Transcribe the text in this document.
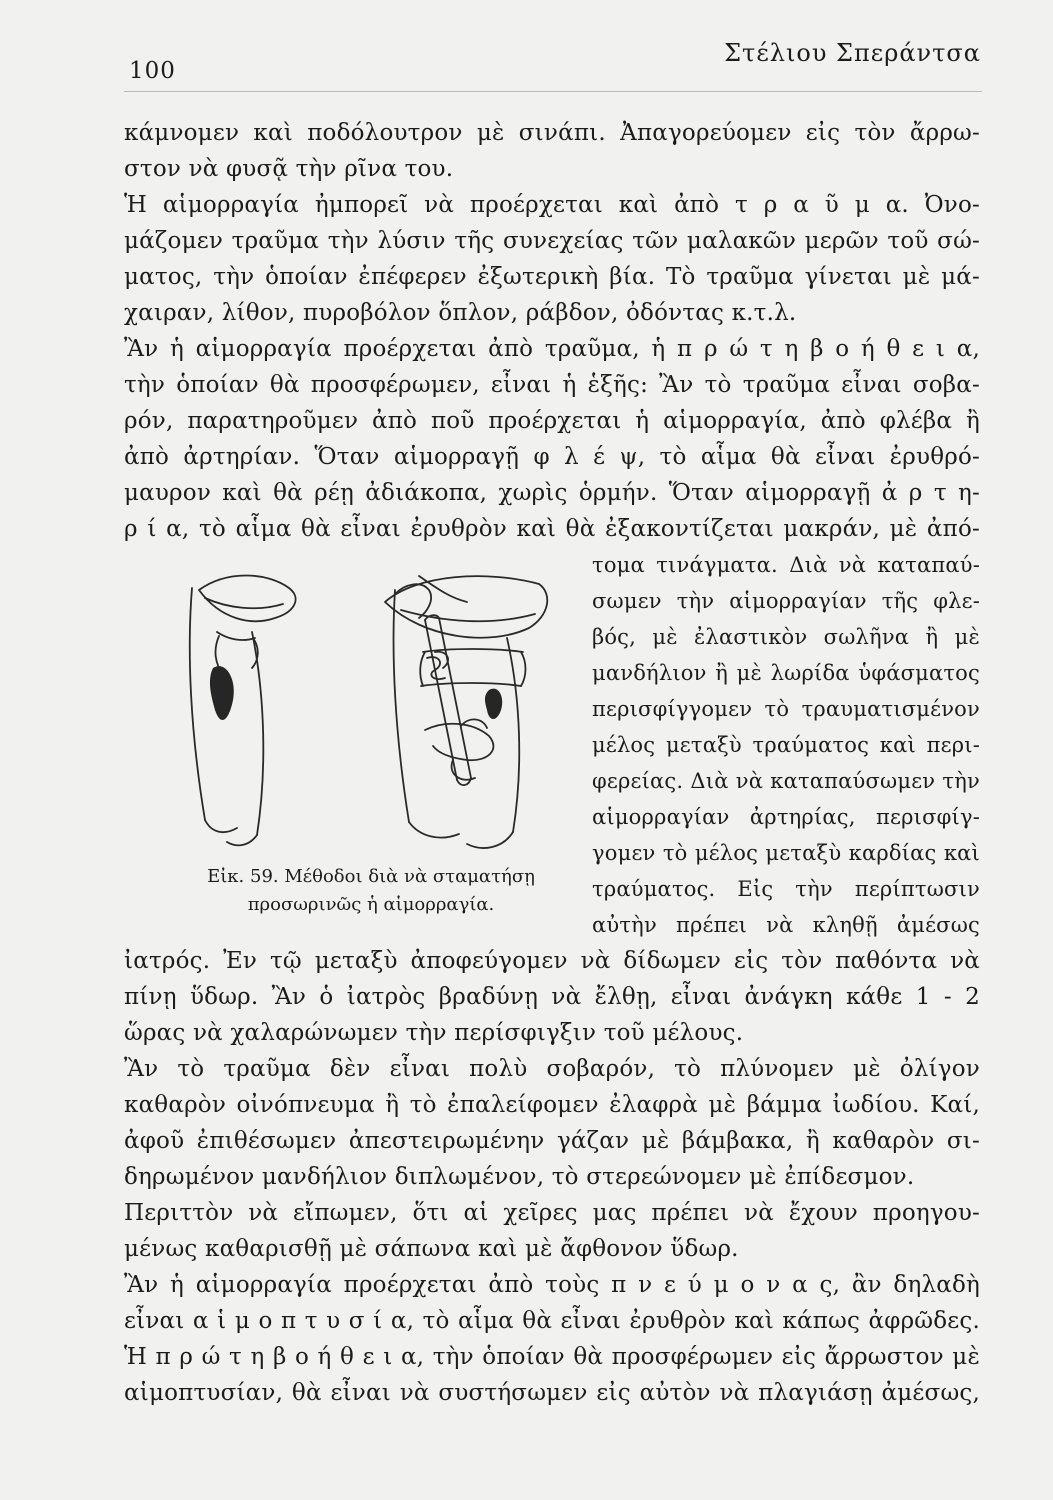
100
Στέλιου Σπεράντσα

κάμνομεν καὶ ποδόλουτρον μὲ σινάπι. Ἀπαγορεύομεν εἰς τὸν ἄρρω-

στον νὰ φυσᾷ τὴν ρῖνα του.

Ἡ αἱμορραγία ἠμπορεῖ νὰ προέρχεται καὶ ἀπὸ τ ρ α ῦ μ α. Ὀνο-

μάζομεν τραῦμα τὴν λύσιν τῆς συνεχείας τῶν μαλακῶν μερῶν τοῦ σώ-

ματος, τὴν ὁποίαν ἐπέφερεν ἐξωτερικὴ βία. Τὸ τραῦμα γίνεται μὲ μά-

χαιραν, λίθον, πυροβόλον ὅπλον, ράβδον, ὀδόντας κ.τ.λ.

Ἂν ἡ αἱμορραγία προέρχεται ἀπὸ τραῦμα, ἡ π ρ ώ τ η β ο ή θ ε ι α,

τὴν ὁποίαν θὰ προσφέρωμεν, εἶναι ἡ ἑξῆς: Ἂν τὸ τραῦμα εἶναι σοβα-

ρόν, παρατηροῦμεν ἀπὸ ποῦ προέρχεται ἡ αἱμορραγία, ἀπὸ φλέβα ἢ

ἀπὸ ἀρτηρίαν. Ὅταν αἱμορραγῇ φ λ έ ψ, τὸ αἷμα θὰ εἶναι ἐρυθρό-

μαυρον καὶ θὰ ρέῃ ἀδιάκοπα, χωρὶς ὁρμήν. Ὅταν αἱμορραγῇ ἀ ρ τ η-

ρ ί α, τὸ αἷμα θὰ εἶναι ἐρυθρὸν καὶ θὰ ἐξακοντίζεται μακράν, μὲ ἀπό-

τομα τινάγματα. Διὰ νὰ καταπαύ-

σωμεν τὴν αἱμορραγίαν τῆς φλε-

βός, μὲ ἐλαστικὸν σωλῆνα ἢ μὲ

μανδήλιον ἢ μὲ λωρίδα ὑφάσματος

περισφίγγομεν τὸ τραυματισμένον

μέλος μεταξὺ τραύματος καὶ περι-

φερείας. Διὰ νὰ καταπαύσωμεν τὴν

αἱμορραγίαν ἀρτηρίας, περισφίγ-

γομεν τὸ μέλος μεταξὺ καρδίας καὶ

τραύματος. Εἰς τὴν περίπτωσιν

αὐτὴν πρέπει νὰ κληθῇ ἀμέσως

Εἰκ. 59. Μέθοδοι διὰ νὰ σταματήσῃ
προσωρινῶς ἡ αἱμορραγία.

ἰατρός. Ἐν τῷ μεταξὺ ἀποφεύγομεν νὰ δίδωμεν εἰς τὸν παθόντα νὰ

πίνῃ ὕδωρ. Ἂν ὁ ἰατρὸς βραδύνῃ νὰ ἔλθῃ, εἶναι ἀνάγκη κάθε 1 - 2

ὥρας νὰ χαλαρώνωμεν τὴν περίσφιγξιν τοῦ μέλους.

Ἂν τὸ τραῦμα δὲν εἶναι πολὺ σοβαρόν, τὸ πλύνομεν μὲ ὀλίγον

καθαρὸν οἰνόπνευμα ἢ τὸ ἐπαλείφομεν ἐλαφρὰ μὲ βάμμα ἰωδίου. Καί,

ἀφοῦ ἐπιθέσωμεν ἀπεστειρωμένην γάζαν μὲ βάμβακα, ἢ καθαρὸν σι-

δηρωμένον μανδήλιον διπλωμένον, τὸ στερεώνομεν μὲ ἐπίδεσμον.

Περιττὸν νὰ εἴπωμεν, ὅτι αἱ χεῖρες μας πρέπει νὰ ἔχουν προηγου-

μένως καθαρισθῇ μὲ σάπωνα καὶ μὲ ἄφθονον ὕδωρ.

Ἂν ἡ αἱμορραγία προέρχεται ἀπὸ τοὺς π ν ε ύ μ ο ν α ς, ἂν δηλαδὴ

εἶναι α ἱ μ ο π τ υ σ ί α, τὸ αἷμα θὰ εἶναι ἐρυθρὸν καὶ κάπως ἀφρῶδες.

Ἡ π ρ ώ τ η β ο ή θ ε ι α, τὴν ὁποίαν θὰ προσφέρωμεν εἰς ἄρρωστον μὲ

αἱμοπτυσίαν, θὰ εἶναι νὰ συστήσωμεν εἰς αὐτὸν νὰ πλαγιάσῃ ἀμέσως,
